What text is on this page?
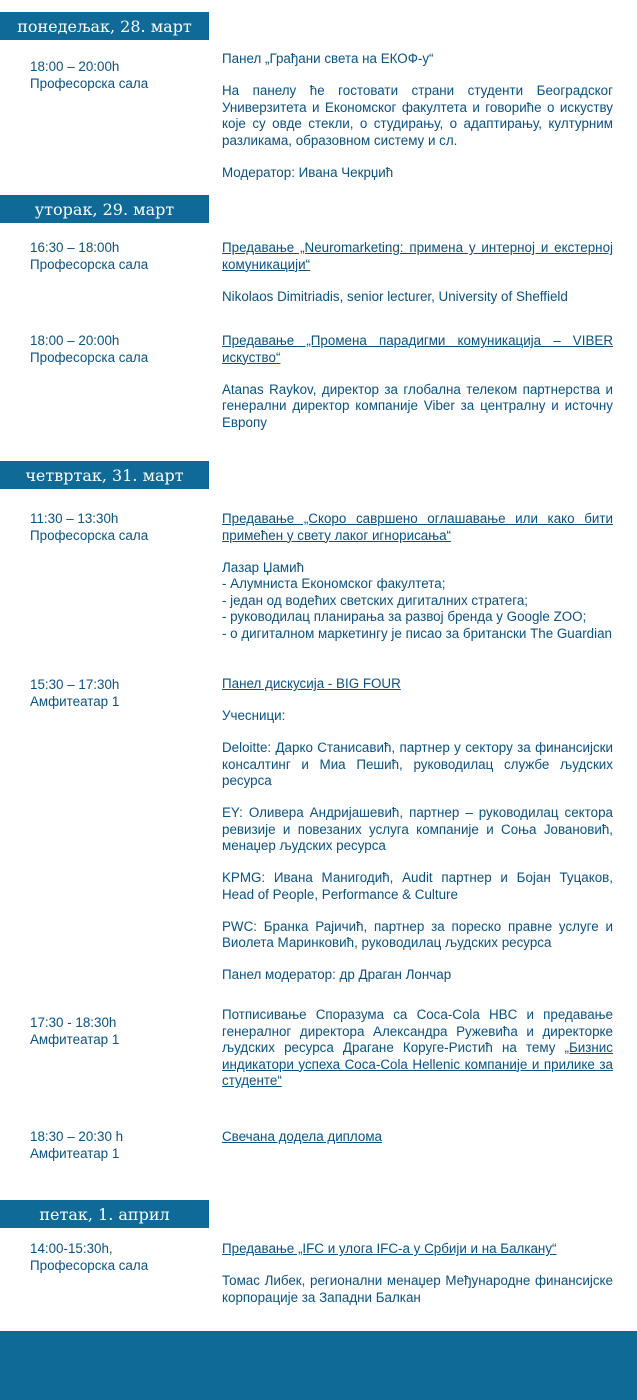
понедељак, 28. март
18:00 – 20:00h
Професорска сала

Панел „Грађани света на ЕКОФ-у“

На панелу ће гостовати страни студенти Београдског Универзитета и Економског факултета и говориће о искуству које су овде стекли, о студирању, о адаптирању, културним разликама, образовном систему и сл.

Модератор: Ивана Чекрџић

уторак, 29. март
16:30 – 18:00h
Професорска сала

Предавање „Neuromarketing: примена у интерној и екстерној комуникацији“

Nikolaos Dimitriadis, senior lecturer, University of Sheffield

18:00 – 20:00h
Професорска сала

Предавање „Промена парадигми комуникација – VIBER искуство“

Atanas Raykov, директор за глобална телеком партнерства и генерални директор компаније Viber за централну и источну Европу

четвртак, 31. март
11:30 – 13:30h
Професорска сала

Предавање „Скоро савршено оглашавање или како бити примећен у свету лаког игнорисања“

Лазар Џамић
- Алумниста Економског факултета;
- један од водећих светских дигиталних стратега;
- руководилац планирања за развој бренда у Google ZOO;
- о дигиталном маркетингу је писао за британски The Guardian

15:30 – 17:30h
Амфитеатар 1

Панел дискусија - BIG FOUR

Учесници:

Deloitte: Дарко Станисавић, партнер у сектору за финансијски консалтинг и Миа Пешић, руководилац службе људских ресурса

EY: Оливера Андријашевић, партнер – руководилац сектора ревизије и повезаних услуга компаније и Соња Јовановић, менаџер људских ресурса

KPMG: Ивана Манигодић, Audit партнер и Бојан Туцаков, Head of People, Performance & Culture

PWC: Бранка Рајичић, партнер за пореско правне услуге и Виолета Маринковић, руководилац људских ресурса

Панел модератор: др Драган Лончар

17:30 - 18:30h
Амфитеатар 1

Потписивање Споразума са Coca-Cola HBC и предавање генералног директора Александра Ружевића и директорке људских ресурса Драгане Коруге-Ристић на тему „Бизнис индикатори успеха Coca-Cola Hellenic компаније и прилике за студенте“

18:30 – 20:30 h
Амфитеатар 1

Свечана додела диплома

петак, 1. април
14:00-15:30h,
Професорска сала

Предавање „IFC и улога IFC-а у Србији и на Балкану“

Томас Либек, регионални менаџер Међународне финансијске корпорације за Западни Балкан
